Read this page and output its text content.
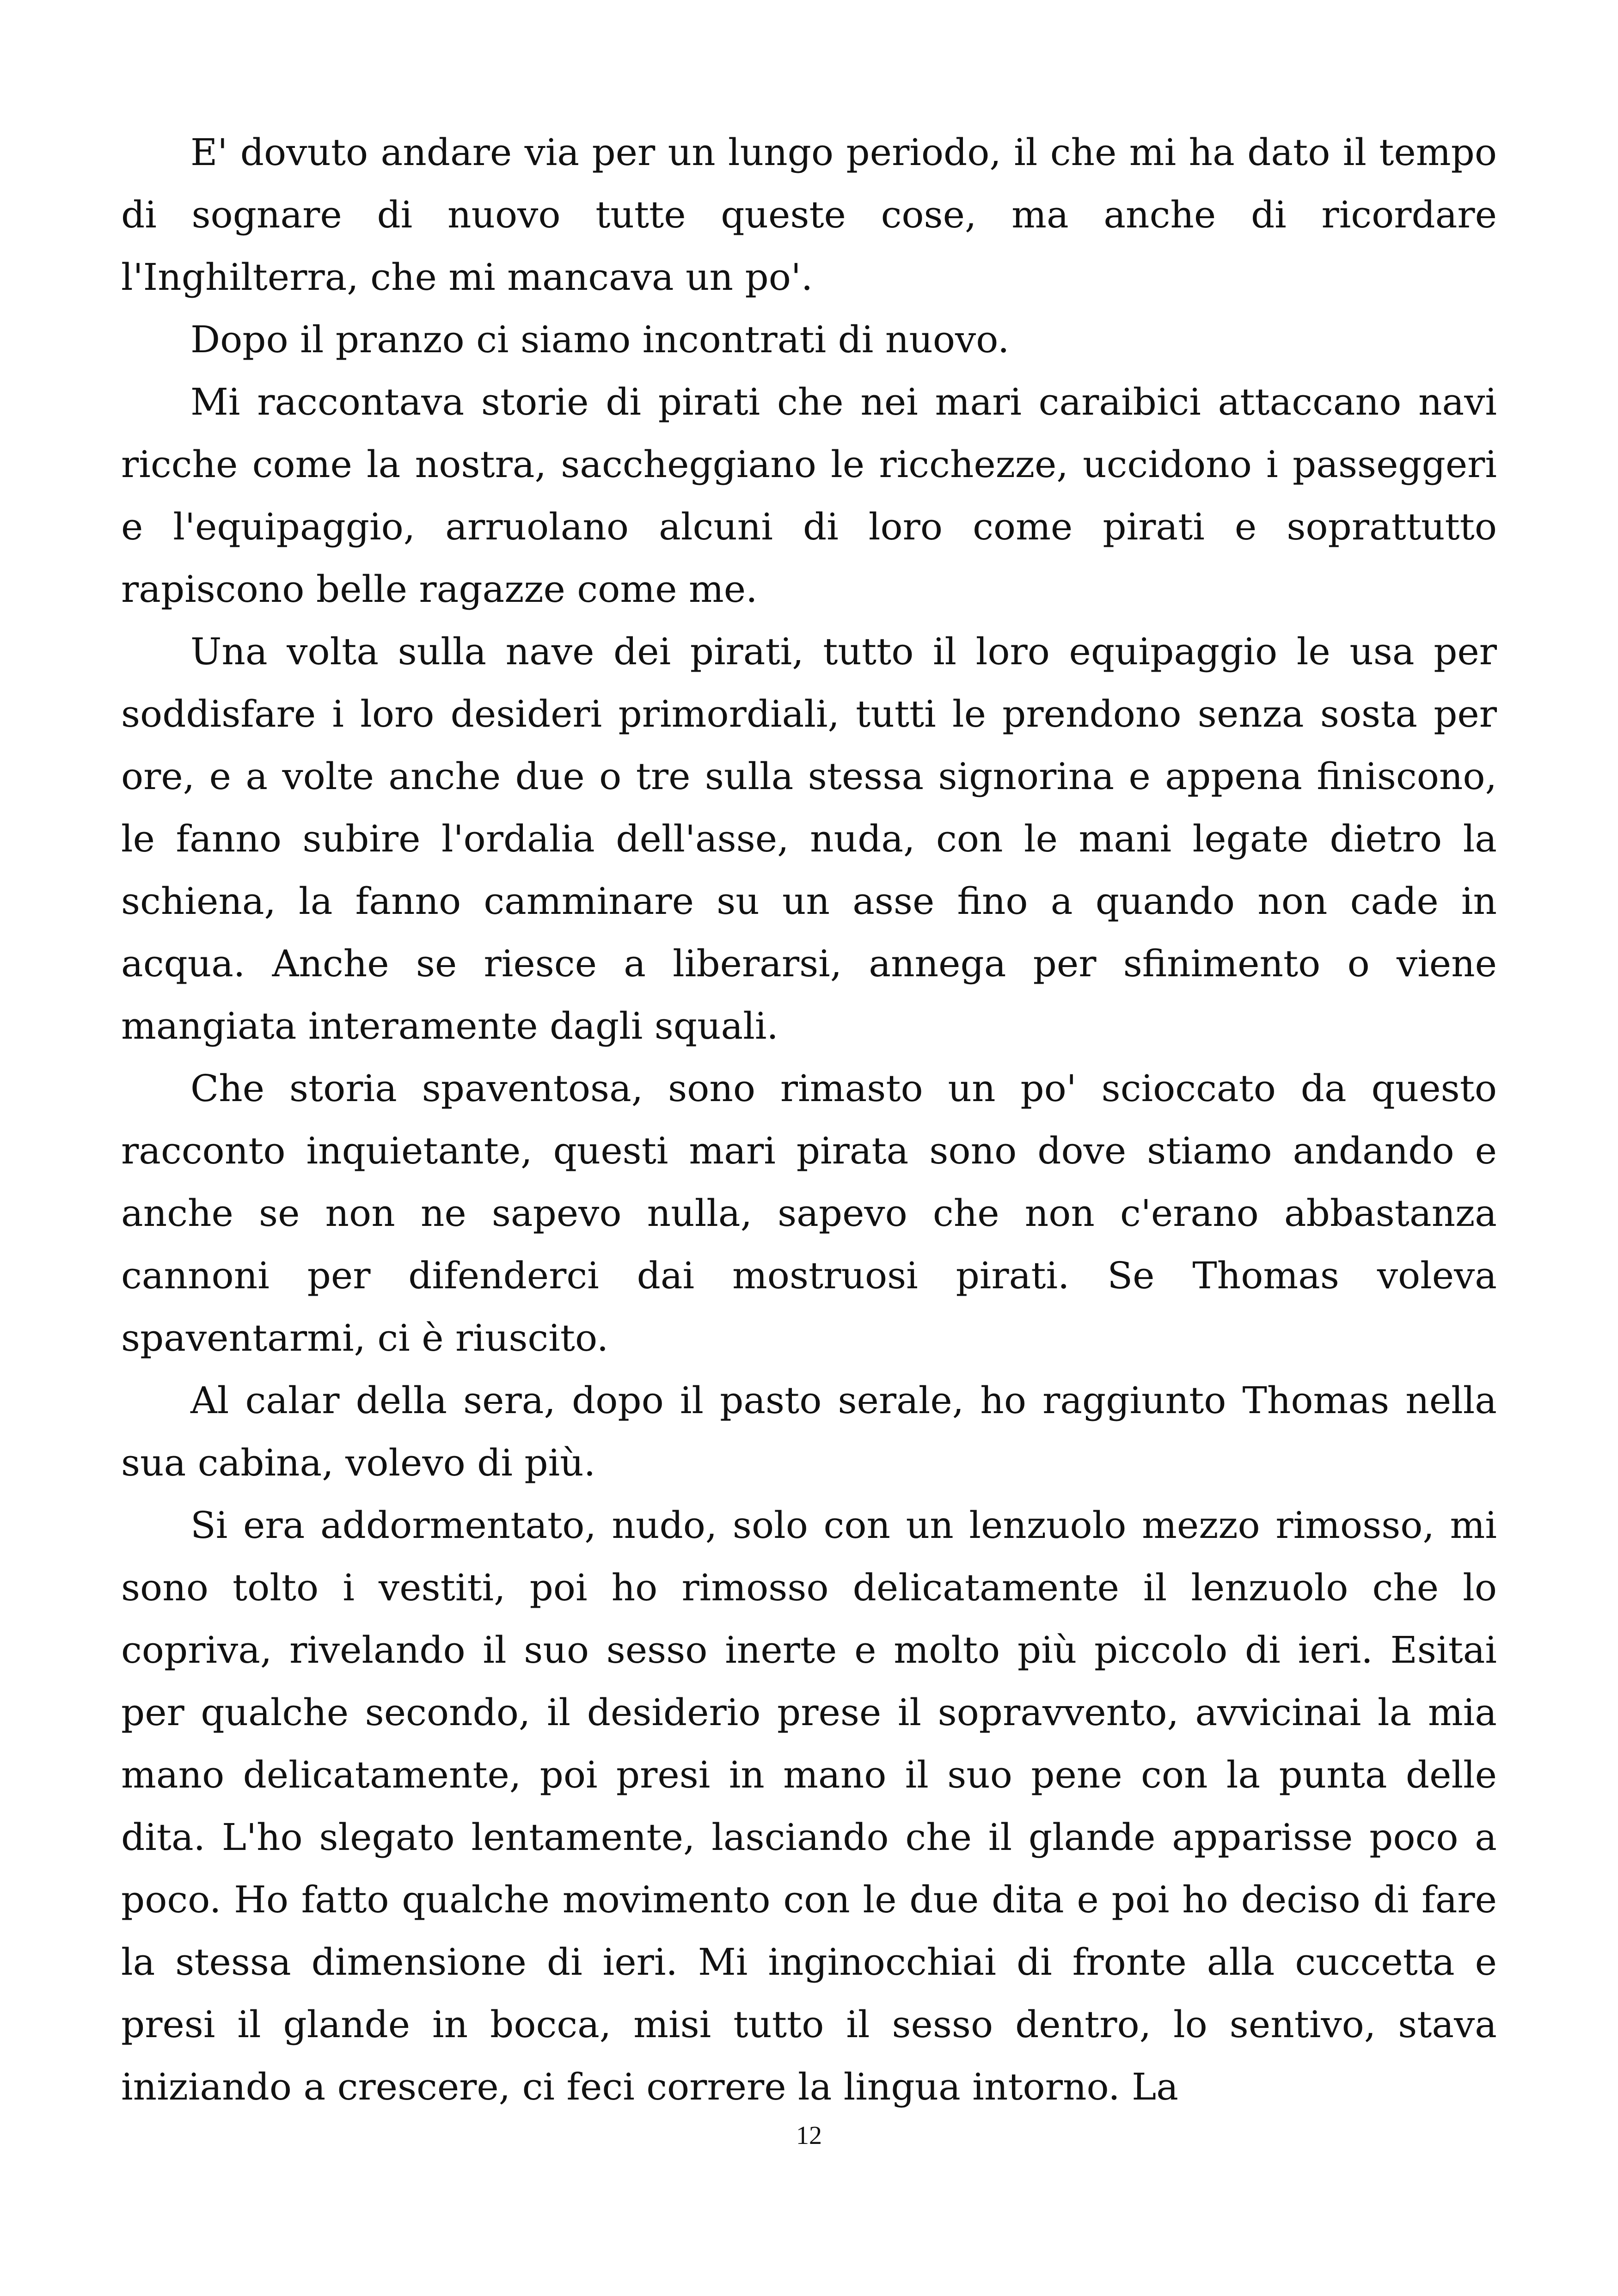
E' dovuto andare via per un lungo periodo, il che mi ha dato il tempo di sognare di nuovo tutte queste cose, ma anche di ricordare l'Inghilterra, che mi mancava un po'.

Dopo il pranzo ci siamo incontrati di nuovo.

Mi raccontava storie di pirati che nei mari caraibici attaccano navi ricche come la nostra, saccheggiano le ricchezze, uccidono i passeggeri e l'equipaggio, arruolano alcuni di loro come pirati e soprattutto rapiscono belle ragazze come me.

Una volta sulla nave dei pirati, tutto il loro equipaggio le usa per soddisfare i loro desideri primordiali, tutti le prendono senza sosta per ore, e a volte anche due o tre sulla stessa signorina e appena finiscono, le fanno subire l'ordalia dell'asse, nuda, con le mani legate dietro la schiena, la fanno camminare su un asse fino a quando non cade in acqua. Anche se riesce a liberarsi, annega per sfinimento o viene mangiata interamente dagli squali.

Che storia spaventosa, sono rimasto un po' scioccato da questo racconto inquietante, questi mari pirata sono dove stiamo andando e anche se non ne sapevo nulla, sapevo che non c'erano abbastanza cannoni per difenderci dai mostruosi pirati. Se Thomas voleva spaventarmi, ci è riuscito.

Al calar della sera, dopo il pasto serale, ho raggiunto Thomas nella sua cabina, volevo di più.

Si era addormentato, nudo, solo con un lenzuolo mezzo rimosso, mi sono tolto i vestiti, poi ho rimosso delicatamente il lenzuolo che lo copriva, rivelando il suo sesso inerte e molto più piccolo di ieri. Esitai per qualche secondo, il desiderio prese il sopravvento, avvicinai la mia mano delicatamente, poi presi in mano il suo pene con la punta delle dita. L'ho slegato lentamente, lasciando che il glande apparisse poco a poco. Ho fatto qualche movimento con le due dita e poi ho deciso di fare la stessa dimensione di ieri. Mi inginocchiai di fronte alla cuccetta e presi il glande in bocca, misi tutto il sesso dentro, lo sentivo, stava iniziando a crescere, ci feci correre la lingua intorno. La

12
